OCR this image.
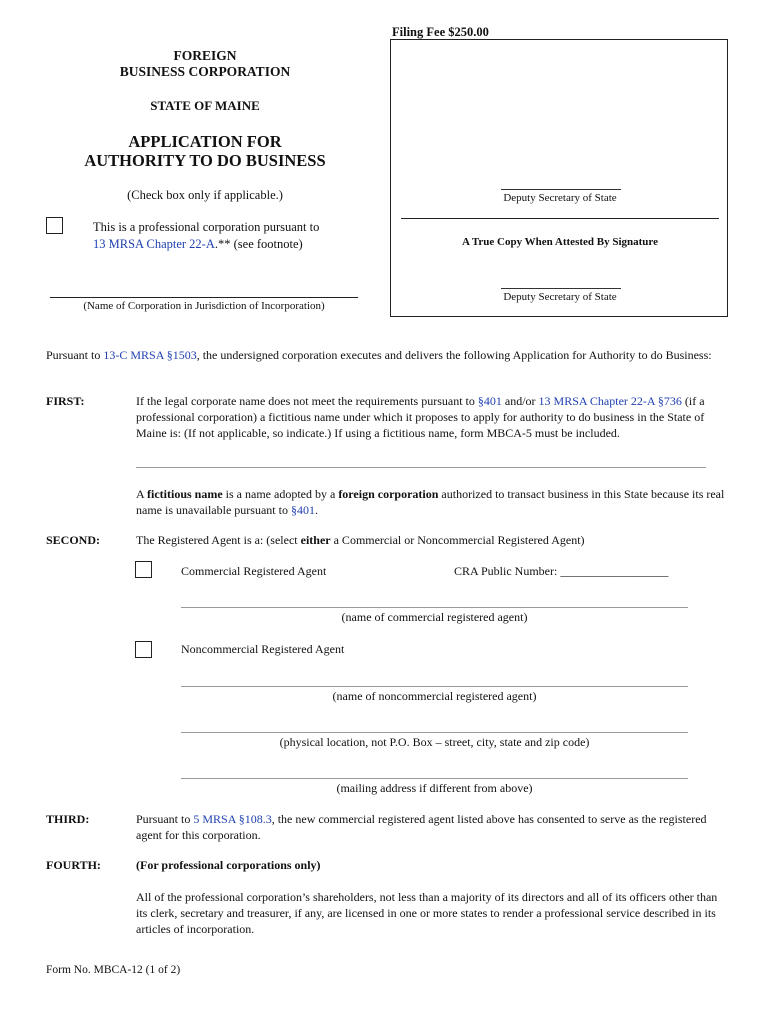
Filing Fee $250.00
Deputy Secretary of State
A True Copy When Attested By Signature
Deputy Secretary of State
FOREIGN
BUSINESS CORPORATION
STATE OF MAINE
APPLICATION FOR
AUTHORITY TO DO BUSINESS
(Check box only if applicable.)
This is a professional corporation pursuant to
13 MRSA Chapter 22-A.** (see footnote)
(Name of Corporation in Jurisdiction of Incorporation)
Pursuant to 13-C MRSA §1503, the undersigned corporation executes and delivers the following Application for Authority to do Business:
FIRST:	If the legal corporate name does not meet the requirements pursuant to §401 and/or 13 MRSA Chapter 22-A §736 (if a professional corporation) a fictitious name under which it proposes to apply for authority to do business in the State of Maine is: (If not applicable, so indicate.) If using a fictitious name, form MBCA-5 must be included.
A fictitious name is a name adopted by a foreign corporation authorized to transact business in this State because its real name is unavailable pursuant to §401.
SECOND:	The Registered Agent is a: (select either a Commercial or Noncommercial Registered Agent)
Commercial Registered Agent	CRA Public Number: __________________
(name of commercial registered agent)
Noncommercial Registered Agent
(name of noncommercial registered agent)
(physical location, not P.O. Box – street, city, state and zip code)
(mailing address if different from above)
THIRD:	Pursuant to 5 MRSA §108.3, the new commercial registered agent listed above has consented to serve as the registered agent for this corporation.
FOURTH:	(For professional corporations only)
All of the professional corporation’s shareholders, not less than a majority of its directors and all of its officers other than its clerk, secretary and treasurer, if any, are licensed in one or more states to render a professional service described in its articles of incorporation.
Form No. MBCA-12 (1 of 2)
